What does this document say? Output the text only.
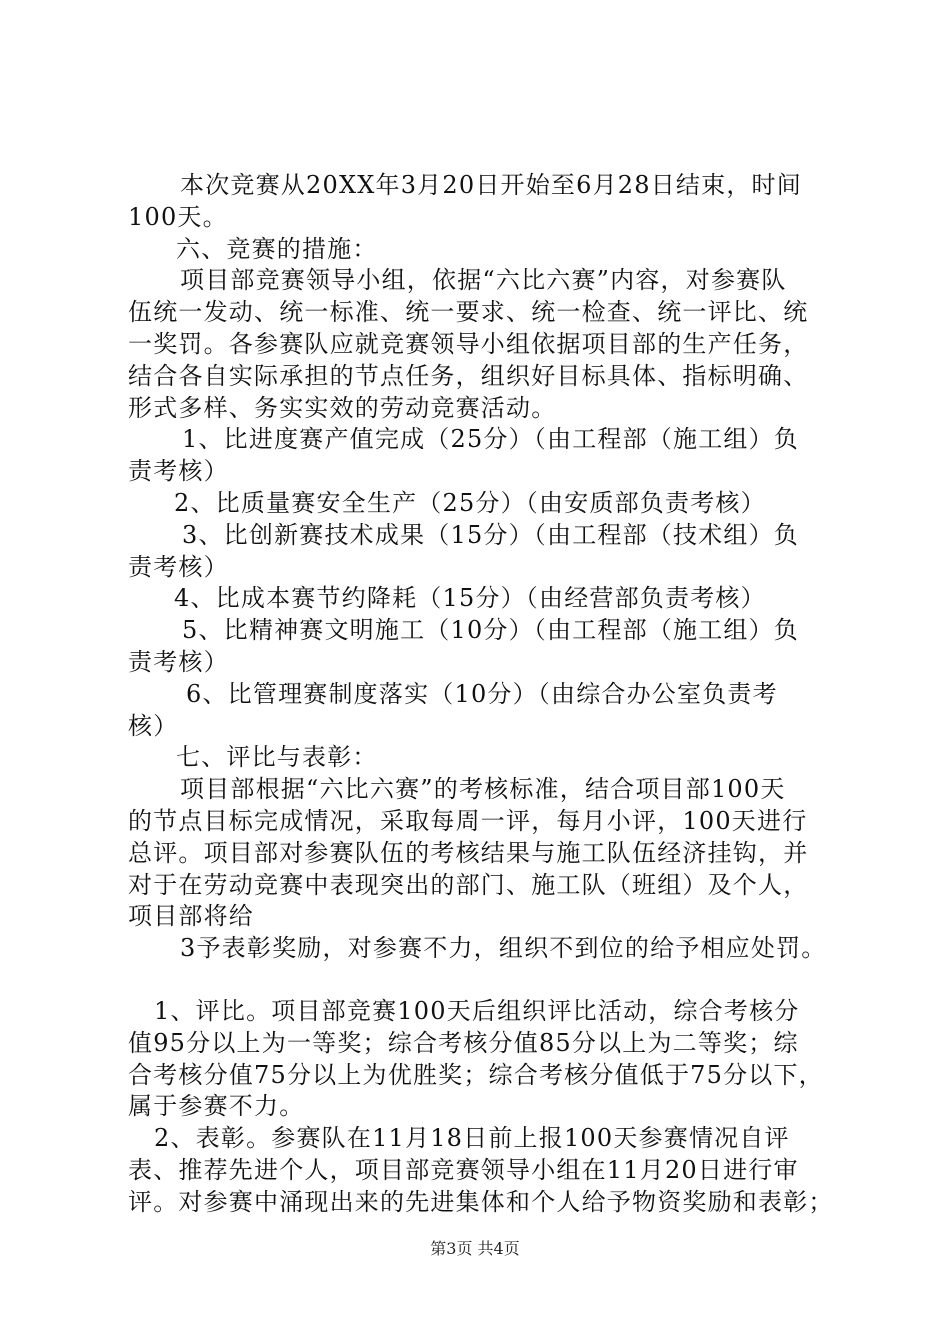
本次竞赛从20XX年3月20日开始至6月28日结束，时间
100天。

六、竞赛的措施：

项目部竞赛领导小组，依据“六比六赛”内容，对参赛队
伍统一发动、统一标准、统一要求、统一检查、统一评比、统
一奖罚。各参赛队应就竞赛领导小组依据项目部的生产任务，
结合各自实际承担的节点任务，组织好目标具体、指标明确、
形式多样、务实实效的劳动竞赛活动。

1、比进度赛产值完成（25分）（由工程部（施工组）负
责考核）

2、比质量赛安全生产（25分）（由安质部负责考核）

3、比创新赛技术成果（15分）（由工程部（技术组）负
责考核）

4、比成本赛节约降耗（15分）（由经营部负责考核）

5、比精神赛文明施工（10分）（由工程部（施工组）负
责考核）

6、比管理赛制度落实（10分）（由综合办公室负责考
核）

七、评比与表彰：

项目部根据“六比六赛”的考核标准，结合项目部100天
的节点目标完成情况，采取每周一评，每月小评，100天进行
总评。项目部对参赛队伍的考核结果与施工队伍经济挂钩，并
对于在劳动竞赛中表现突出的部门、施工队（班组）及个人，
项目部将给

3予表彰奖励，对参赛不力，组织不到位的给予相应处罚。

1、评比。项目部竞赛100天后组织评比活动，综合考核分
值95分以上为一等奖；综合考核分值85分以上为二等奖；综
合考核分值75分以上为优胜奖；综合考核分值低于75分以下，
属于参赛不力。

2、表彰。参赛队在11月18日前上报100天参赛情况自评
表、推荐先进个人，项目部竞赛领导小组在11月20日进行审
评。对参赛中涌现出来的先进集体和个人给予物资奖励和表彰；

第3页 共4页
